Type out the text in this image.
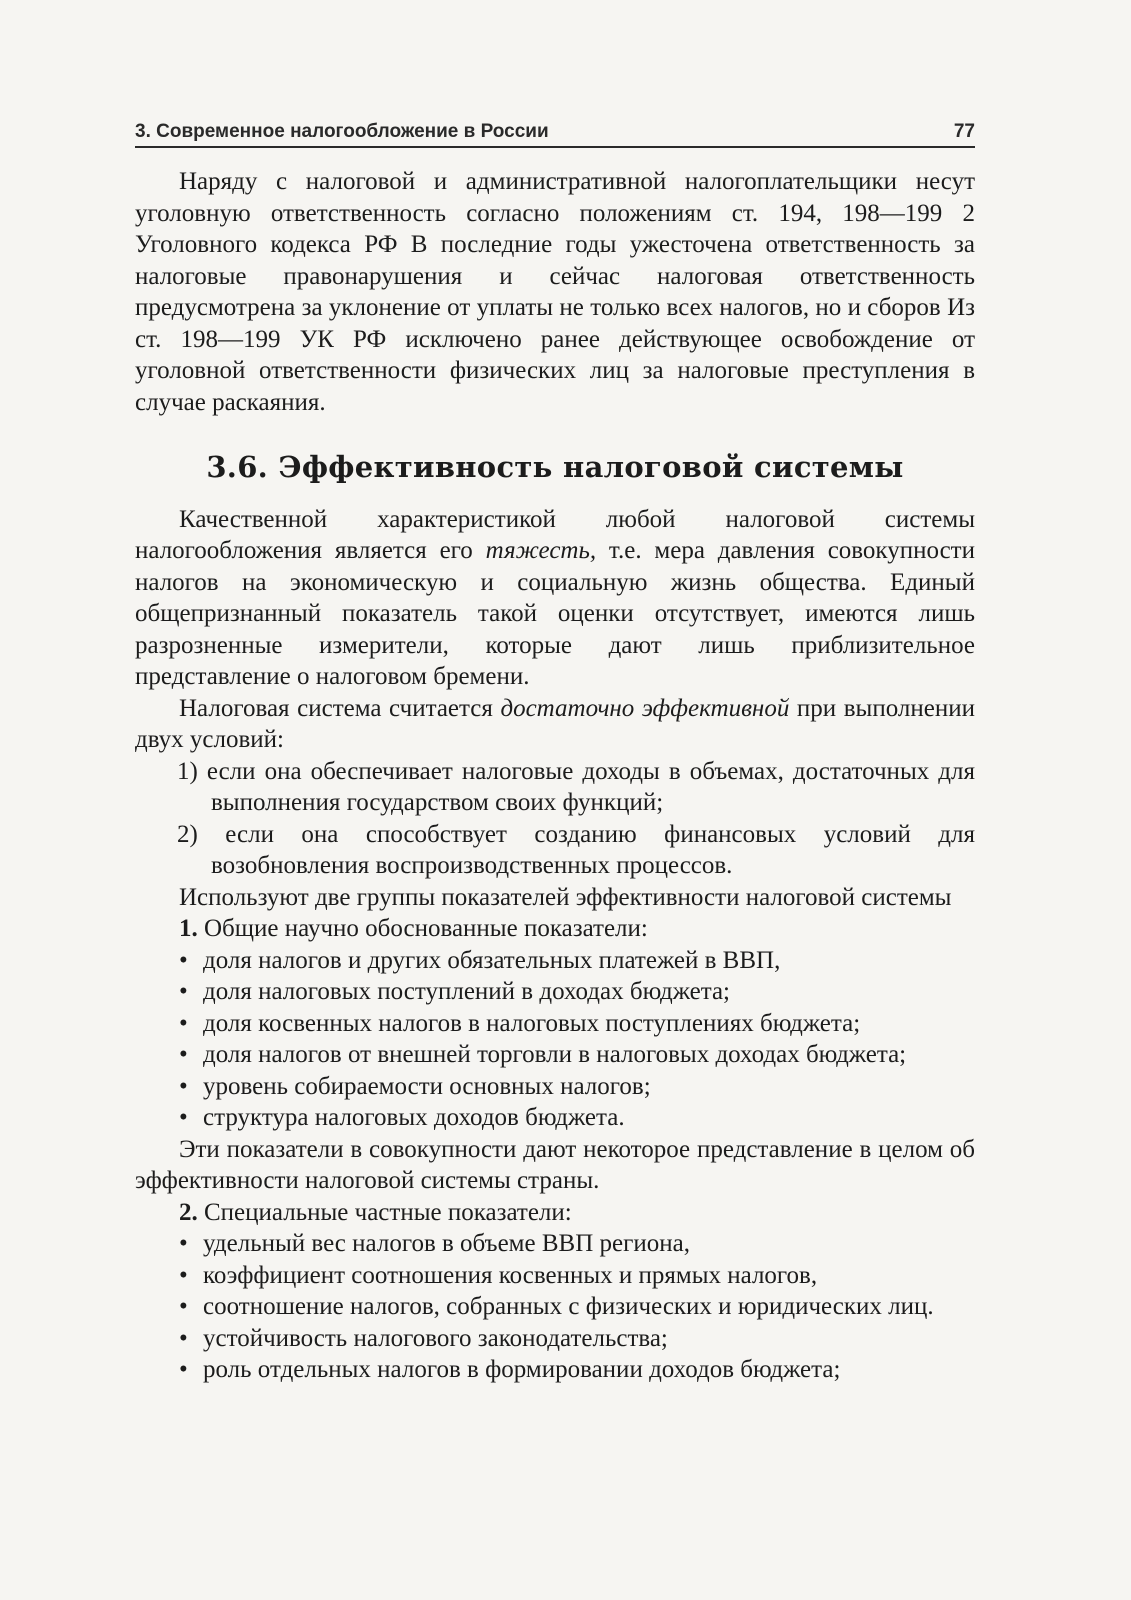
3. Современное налогообложение в России	77

Наряду с налоговой и административной налогоплательщики несут уголовную ответственность согласно положениям ст. 194, 198—199 2 Уголовного кодекса РФ В последние годы ужесточена ответственность за налоговые правонарушения и сейчас налоговая ответственность предусмотрена за уклонение от уплаты не только всех налогов, но и сборов Из ст. 198—199 УК РФ исключено ранее действующее освобождение от уголовной ответственности физических лиц за налоговые преступления в случае раскаяния.

3.6. Эффективность налоговой системы

Качественной характеристикой любой налоговой системы налогообложения является его тяжесть, т.е. мера давления совокупности налогов на экономическую и социальную жизнь общества. Единый общепризнанный показатель такой оценки отсутствует, имеются лишь разрозненные измерители, которые дают лишь приблизительное представление о налоговом бремени.

Налоговая система считается достаточно эффективной при выполнении двух условий:

1) если она обеспечивает налоговые доходы в объемах, достаточных для выполнения государством своих функций;
2) если она способствует созданию финансовых условий для возобновления воспроизводственных процессов.

Используют две группы показателей эффективности налоговой системы

1. Общие научно обоснованные показатели:
• доля налогов и других обязательных платежей в ВВП,
• доля налоговых поступлений в доходах бюджета;
• доля косвенных налогов в налоговых поступлениях бюджета;
• доля налогов от внешней торговли в налоговых доходах бюджета;
• уровень собираемости основных налогов;
• структура налоговых доходов бюджета.

Эти показатели в совокупности дают некоторое представление в целом об эффективности налоговой системы страны.

2. Специальные частные показатели:
• удельный вес налогов в объеме ВВП региона,
• коэффициент соотношения косвенных и прямых налогов,
• соотношение налогов, собранных с физических и юридических лиц.
• устойчивость налогового законодательства;
• роль отдельных налогов в формировании доходов бюджета;
